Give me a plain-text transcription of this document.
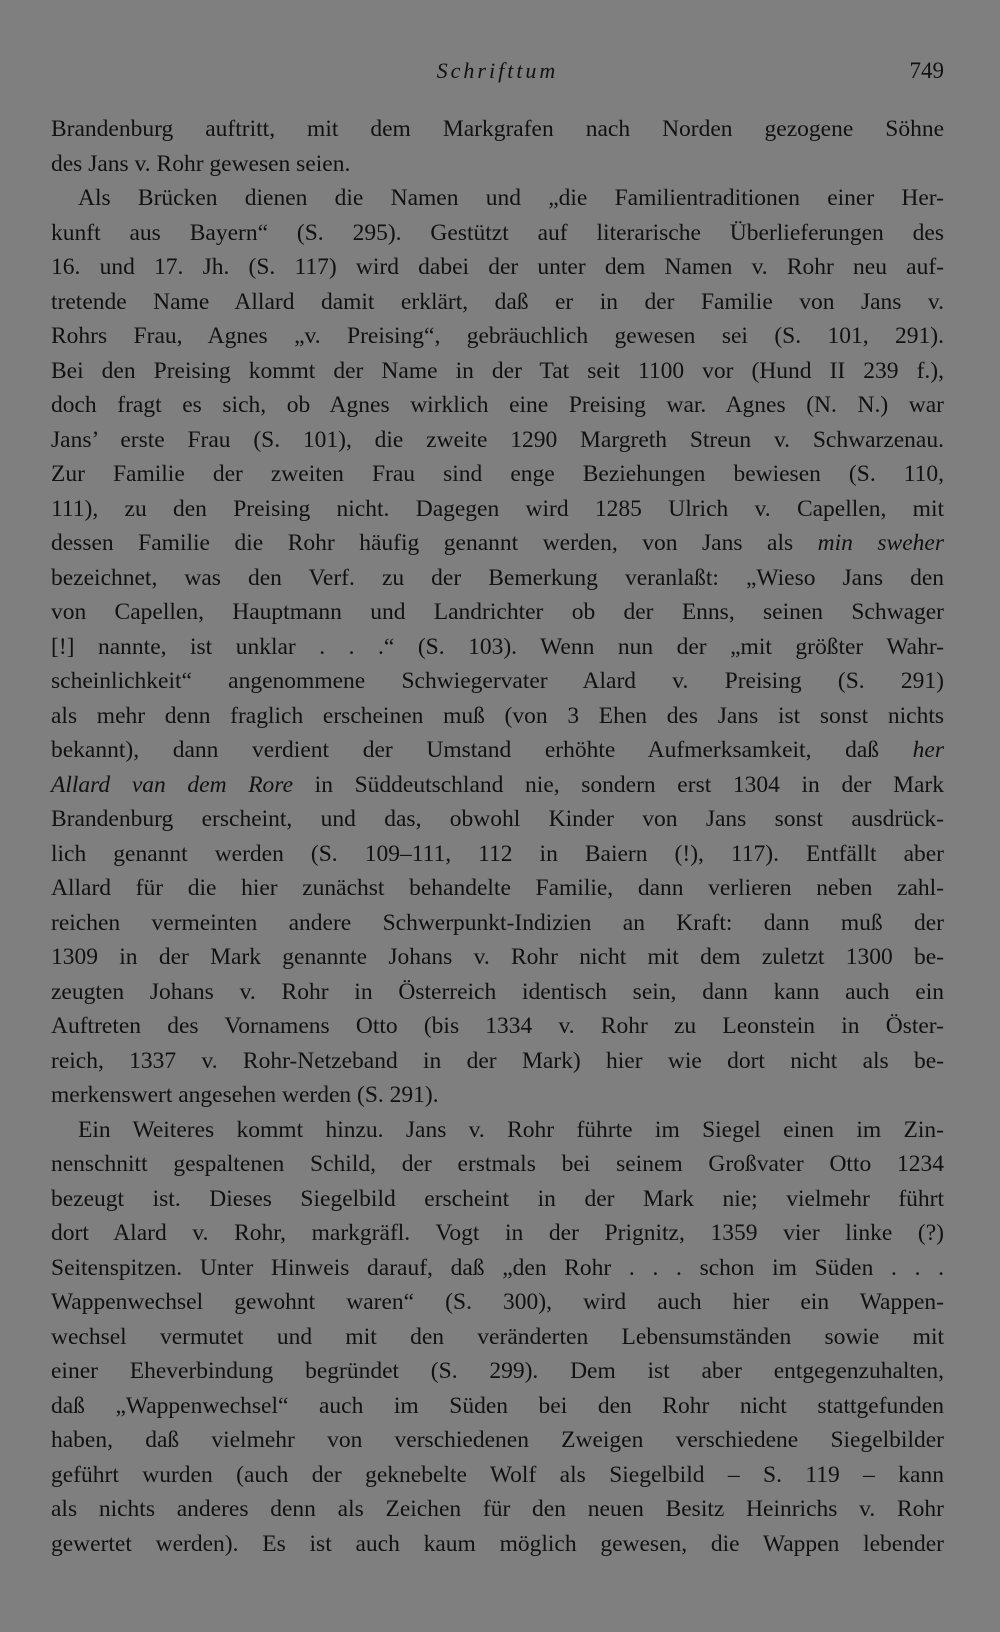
Schrifttum	749
Brandenburg auftritt, mit dem Markgrafen nach Norden gezogene Söhne
des Jans v. Rohr gewesen seien.
Als Brücken dienen die Namen und „die Familientraditionen einer Her-
kunft aus Bayern“ (S. 295). Gestützt auf literarische Überlieferungen des
16. und 17. Jh. (S. 117) wird dabei der unter dem Namen v. Rohr neu auf-
tretende Name Allard damit erklärt, daß er in der Familie von Jans v.
Rohrs Frau, Agnes „v. Preising“, gebräuchlich gewesen sei (S. 101, 291).
Bei den Preising kommt der Name in der Tat seit 1100 vor (Hund II 239 f.),
doch fragt es sich, ob Agnes wirklich eine Preising war. Agnes (N. N.) war
Jans’ erste Frau (S. 101), die zweite 1290 Margreth Streun v. Schwarzenau.
Zur Familie der zweiten Frau sind enge Beziehungen bewiesen (S. 110,
111), zu den Preising nicht. Dagegen wird 1285 Ulrich v. Capellen, mit
dessen Familie die Rohr häufig genannt werden, von Jans als min sweher
bezeichnet, was den Verf. zu der Bemerkung veranlaßt: „Wieso Jans den
von Capellen, Hauptmann und Landrichter ob der Enns, seinen Schwager
[!] nannte, ist unklar . . .“ (S. 103). Wenn nun der „mit größter Wahr-
scheinlichkeit“ angenommene Schwiegervater Alard v. Preising (S. 291)
als mehr denn fraglich erscheinen muß (von 3 Ehen des Jans ist sonst nichts
bekannt), dann verdient der Umstand erhöhte Aufmerksamkeit, daß her
Allard van dem Rore in Süddeutschland nie, sondern erst 1304 in der Mark
Brandenburg erscheint, und das, obwohl Kinder von Jans sonst ausdrück-
lich genannt werden (S. 109–111, 112 in Baiern (!), 117). Entfällt aber
Allard für die hier zunächst behandelte Familie, dann verlieren neben zahl-
reichen vermeinten andere Schwerpunkt-Indizien an Kraft: dann muß der
1309 in der Mark genannte Johans v. Rohr nicht mit dem zuletzt 1300 be-
zeugten Johans v. Rohr in Österreich identisch sein, dann kann auch ein
Auftreten des Vornamens Otto (bis 1334 v. Rohr zu Leonstein in Öster-
reich, 1337 v. Rohr-Netzeband in der Mark) hier wie dort nicht als be-
merkenswert angesehen werden (S. 291).
Ein Weiteres kommt hinzu. Jans v. Rohr führte im Siegel einen im Zin-
nenschnitt gespaltenen Schild, der erstmals bei seinem Großvater Otto 1234
bezeugt ist. Dieses Siegelbild erscheint in der Mark nie; vielmehr führt
dort Alard v. Rohr, markgräfl. Vogt in der Prignitz, 1359 vier linke (?)
Seitenspitzen. Unter Hinweis darauf, daß „den Rohr . . . schon im Süden . . .
Wappenwechsel gewohnt waren“ (S. 300), wird auch hier ein Wappen-
wechsel vermutet und mit den veränderten Lebensumständen sowie mit
einer Eheverbindung begründet (S. 299). Dem ist aber entgegenzuhalten,
daß „Wappenwechsel“ auch im Süden bei den Rohr nicht stattgefunden
haben, daß vielmehr von verschiedenen Zweigen verschiedene Siegelbilder
geführt wurden (auch der geknebelte Wolf als Siegelbild – S. 119 – kann
als nichts anderes denn als Zeichen für den neuen Besitz Heinrichs v. Rohr
gewertet werden). Es ist auch kaum möglich gewesen, die Wappen lebender
